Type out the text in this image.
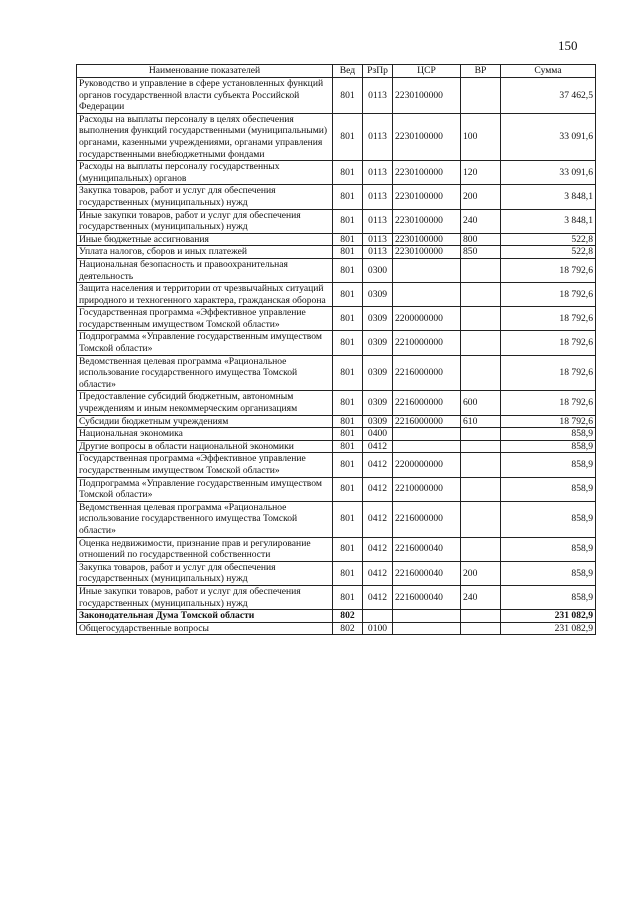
150
Наименование показателей	Вед	РзПр	ЦСР	ВР	Сумма
Руководство и управление в сфере установленных функций органов государственной власти субъекта Российской Федерации	801	0113	2230100000		37 462,5
Расходы на выплаты персоналу в целях обеспечения выполнения функций государственными (муниципальными) органами, казенными учреждениями, органами управления государственными внебюджетными фондами	801	0113	2230100000	100	33 091,6
Расходы на выплаты персоналу государственных (муниципальных) органов	801	0113	2230100000	120	33 091,6
Закупка товаров, работ и услуг для обеспечения государственных (муниципальных) нужд	801	0113	2230100000	200	3 848,1
Иные закупки товаров, работ и услуг для обеспечения государственных (муниципальных) нужд	801	0113	2230100000	240	3 848,1
Иные бюджетные ассигнования	801	0113	2230100000	800	522,8
Уплата налогов, сборов и иных платежей	801	0113	2230100000	850	522,8
Национальная безопасность и правоохранительная деятельность	801	0300			18 792,6
Защита населения и территории от чрезвычайных ситуаций природного и техногенного характера, гражданская оборона	801	0309			18 792,6
Государственная программа «Эффективное управление государственным имуществом Томской области»	801	0309	2200000000		18 792,6
Подпрограмма «Управление государственным имуществом Томской области»	801	0309	2210000000		18 792,6
Ведомственная целевая программа «Рациональное использование государственного имущества Томской области»	801	0309	2216000000		18 792,6
Предоставление субсидий бюджетным, автономным учреждениям и иным некоммерческим организациям	801	0309	2216000000	600	18 792,6
Субсидии бюджетным учреждениям	801	0309	2216000000	610	18 792,6
Национальная экономика	801	0400			858,9
Другие вопросы в области национальной экономики	801	0412			858,9
Государственная программа «Эффективное управление государственным имуществом Томской области»	801	0412	2200000000		858,9
Подпрограмма «Управление государственным имуществом Томской области»	801	0412	2210000000		858,9
Ведомственная целевая программа «Рациональное использование государственного имущества Томской области»	801	0412	2216000000		858,9
Оценка недвижимости, признание прав и регулирование отношений по государственной собственности	801	0412	2216000040		858,9
Закупка товаров, работ и услуг для обеспечения государственных (муниципальных) нужд	801	0412	2216000040	200	858,9
Иные закупки товаров, работ и услуг для обеспечения государственных (муниципальных) нужд	801	0412	2216000040	240	858,9
Законодательная Дума Томской области	802				231 082,9
Общегосударственные вопросы	802	0100			231 082,9
